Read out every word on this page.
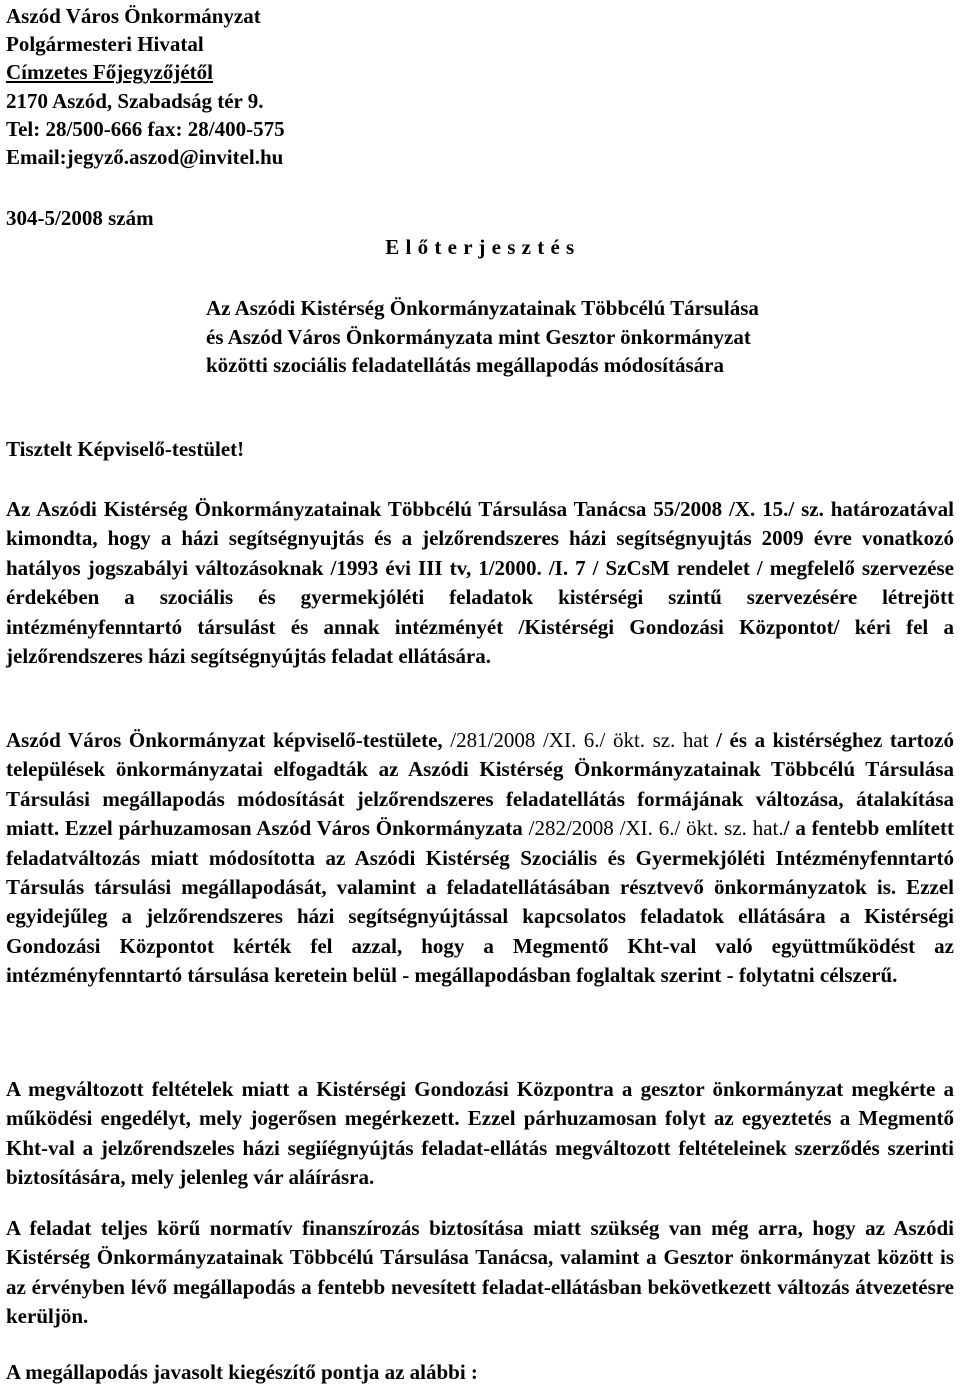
Aszód Város Önkormányzat
Polgármesteri Hivatal
Címzetes Főjegyzőjétől
2170 Aszód, Szabadság tér 9.
Tel: 28/500-666 fax: 28/400-575
Email:jegyző.aszod@invitel.hu
304-5/2008 szám
E l ő t e r j e s z t é s
Az Aszódi Kistérség Önkormányzatainak Többcélú Társulása
és Aszód Város Önkormányzata mint Gesztor önkormányzat
közötti szociális feladatellátás megállapodás módosítására
Tisztelt Képviselő-testület!
Az Aszódi Kistérség Önkormányzatainak Többcélú Társulása Tanácsa 55/2008 /X. 15./ sz. határozatával kimondta, hogy a házi segítségnyujtás és a jelzőrendszeres házi segítségnyujtás 2009 évre vonatkozó hatályos jogszabályi változásoknak /1993 évi III tv, 1/2000. /I. 7 / SzCsM rendelet / megfelelő szervezése érdekében a szociális és gyermekjóléti feladatok kistérségi szintű szervezésére létrejött intézményfenntartó társulást és annak intézményét /Kistérségi Gondozási Központot/ kéri fel a jelzőrendszeres házi segítségnyújtás feladat ellátására.
Aszód Város Önkormányzat képviselő-testülete, /281/2008 /XI. 6./ ökt. sz. hat / és a kistérséghez tartozó települések önkormányzatai elfogadták az Aszódi Kistérség Önkormányzatainak Többcélú Társulása Társulási megállapodás módosítását jelzőrendszeres feladatellátás formájának változása, átalakítása miatt. Ezzel párhuzamosan Aszód Város Önkormányzata /282/2008 /XI. 6./ ökt. sz. hat./ a fentebb említett feladatváltozás miatt módosította az Aszódi Kistérség Szociális és Gyermekjóléti Intézményfenntartó Társulás társulási megállapodását, valamint a feladatellátásában résztvevő önkormányzatok is. Ezzel egyidejűleg a jelzőrendszeres házi segítségnyújtással kapcsolatos feladatok ellátására a Kistérségi Gondozási Központot kérték fel azzal, hogy a Megmentő Kht-val való együttműködést az intézményfenntartó társulása keretein belül - megállapodásban foglaltak szerint - folytatni célszerű.
A megváltozott feltételek miatt a Kistérségi Gondozási Központra a gesztor önkormányzat megkérte a működési engedélyt, mely jogerősen megérkezett. Ezzel párhuzamosan folyt az egyeztetés a Megmentő Kht-val a jelzőrendszeles házi segiíégnyújtás feladat-ellátás megváltozott feltételeinek szerződés szerinti biztosítására, mely jelenleg vár aláírásra.
A feladat teljes körű normatív finanszírozás biztosítása miatt szükség van még arra, hogy az Aszódi Kistérség Önkormányzatainak Többcélú Társulása Tanácsa, valamint a Gesztor önkormányzat között is az érvényben lévő megállapodás a fentebb nevesített feladat-ellátásban bekövetkezett változás átvezetésre kerüljön.
A megállapodás javasolt kiegészítő pontja az alábbi :
